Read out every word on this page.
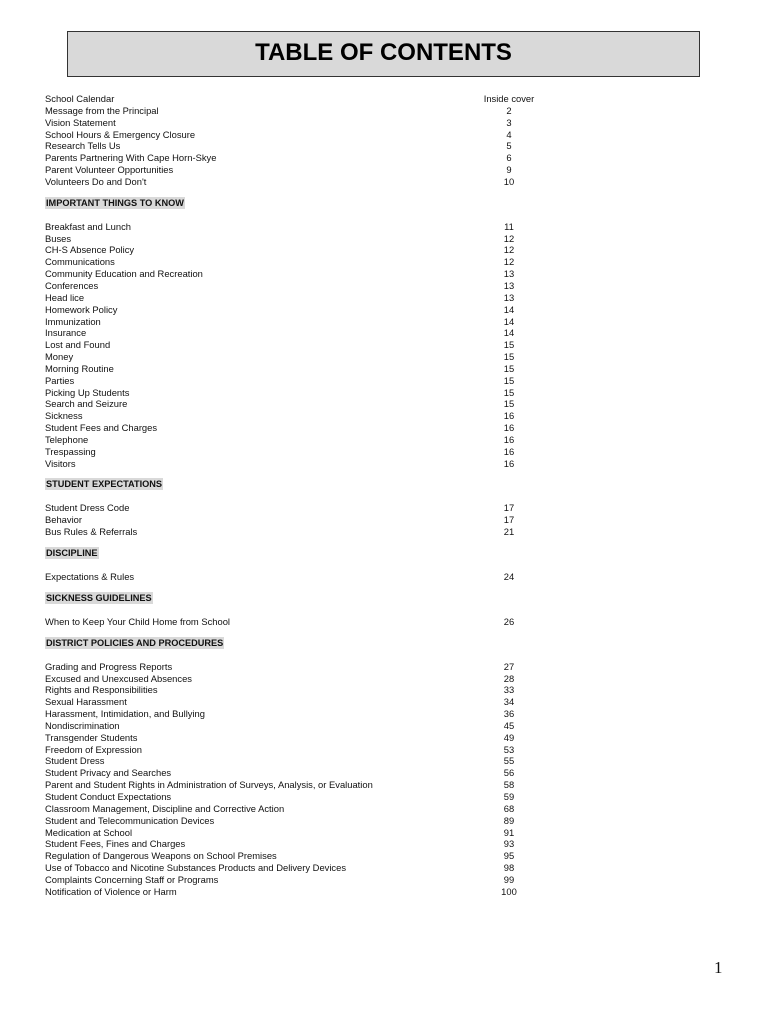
TABLE OF CONTENTS
School Calendar	Inside cover
Message from the Principal	2
Vision Statement	3
School Hours & Emergency Closure	4
Research Tells Us	5
Parents Partnering With Cape Horn-Skye	6
Parent Volunteer Opportunities	9
Volunteers Do and Don't	10
IMPORTANT THINGS TO KNOW
Breakfast and Lunch	11
Buses	12
CH-S Absence Policy	12
Communications	12
Community Education and Recreation	13
Conferences	13
Head lice	13
Homework Policy	14
Immunization	14
Insurance	14
Lost and Found	15
Money	15
Morning Routine	15
Parties	15
Picking Up Students	15
Search and Seizure	15
Sickness	16
Student Fees and Charges	16
Telephone	16
Trespassing	16
Visitors	16
STUDENT EXPECTATIONS
Student Dress Code	17
Behavior	17
Bus Rules & Referrals	21
DISCIPLINE
Expectations & Rules	24
SICKNESS GUIDELINES
When to Keep Your Child Home from School	26
DISTRICT POLICIES AND PROCEDURES
Grading and Progress Reports	27
Excused and Unexcused Absences	28
Rights and Responsibilities	33
Sexual Harassment	34
Harassment, Intimidation, and Bullying	36
Nondiscrimination	45
Transgender Students	49
Freedom of Expression	53
Student Dress	55
Student Privacy and Searches	56
Parent and Student Rights in Administration of Surveys, Analysis, or Evaluation	58
Student Conduct Expectations	59
Classroom Management, Discipline and Corrective Action	68
Student and Telecommunication Devices	89
Medication at School	91
Student Fees, Fines and Charges	93
Regulation of Dangerous Weapons on School Premises	95
Use of Tobacco and Nicotine Substances Products and Delivery Devices	98
Complaints Concerning Staff or Programs	99
Notification of Violence or Harm	100
1
